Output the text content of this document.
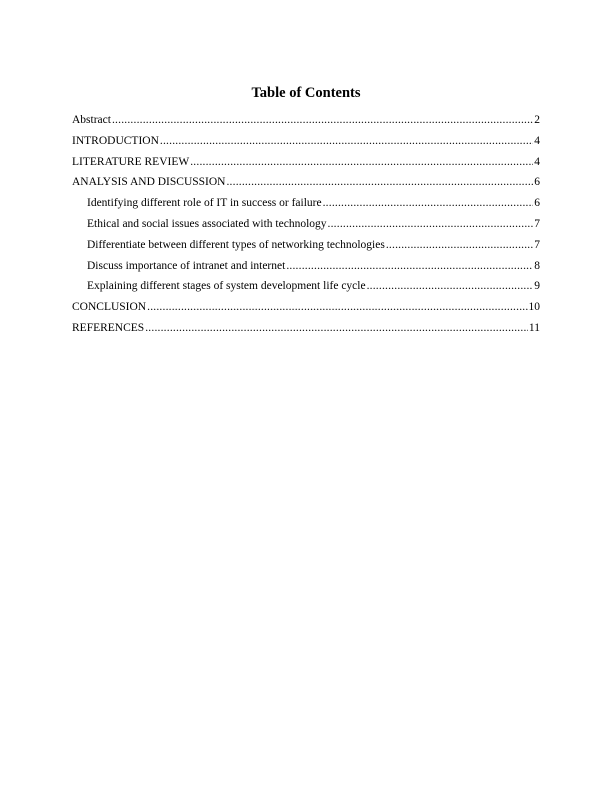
Table of Contents
Abstract .....	2
INTRODUCTION .....	4
LITERATURE REVIEW .....	4
ANALYSIS AND DISCUSSION .....	6
Identifying different role of IT in success or failure .....	6
Ethical and social issues associated with technology .....	7
Differentiate between different types of networking technologies .....	7
Discuss importance of intranet and internet .....	8
Explaining different stages of system development life cycle .....	9
CONCLUSION .....	10
REFERENCES .....	11
